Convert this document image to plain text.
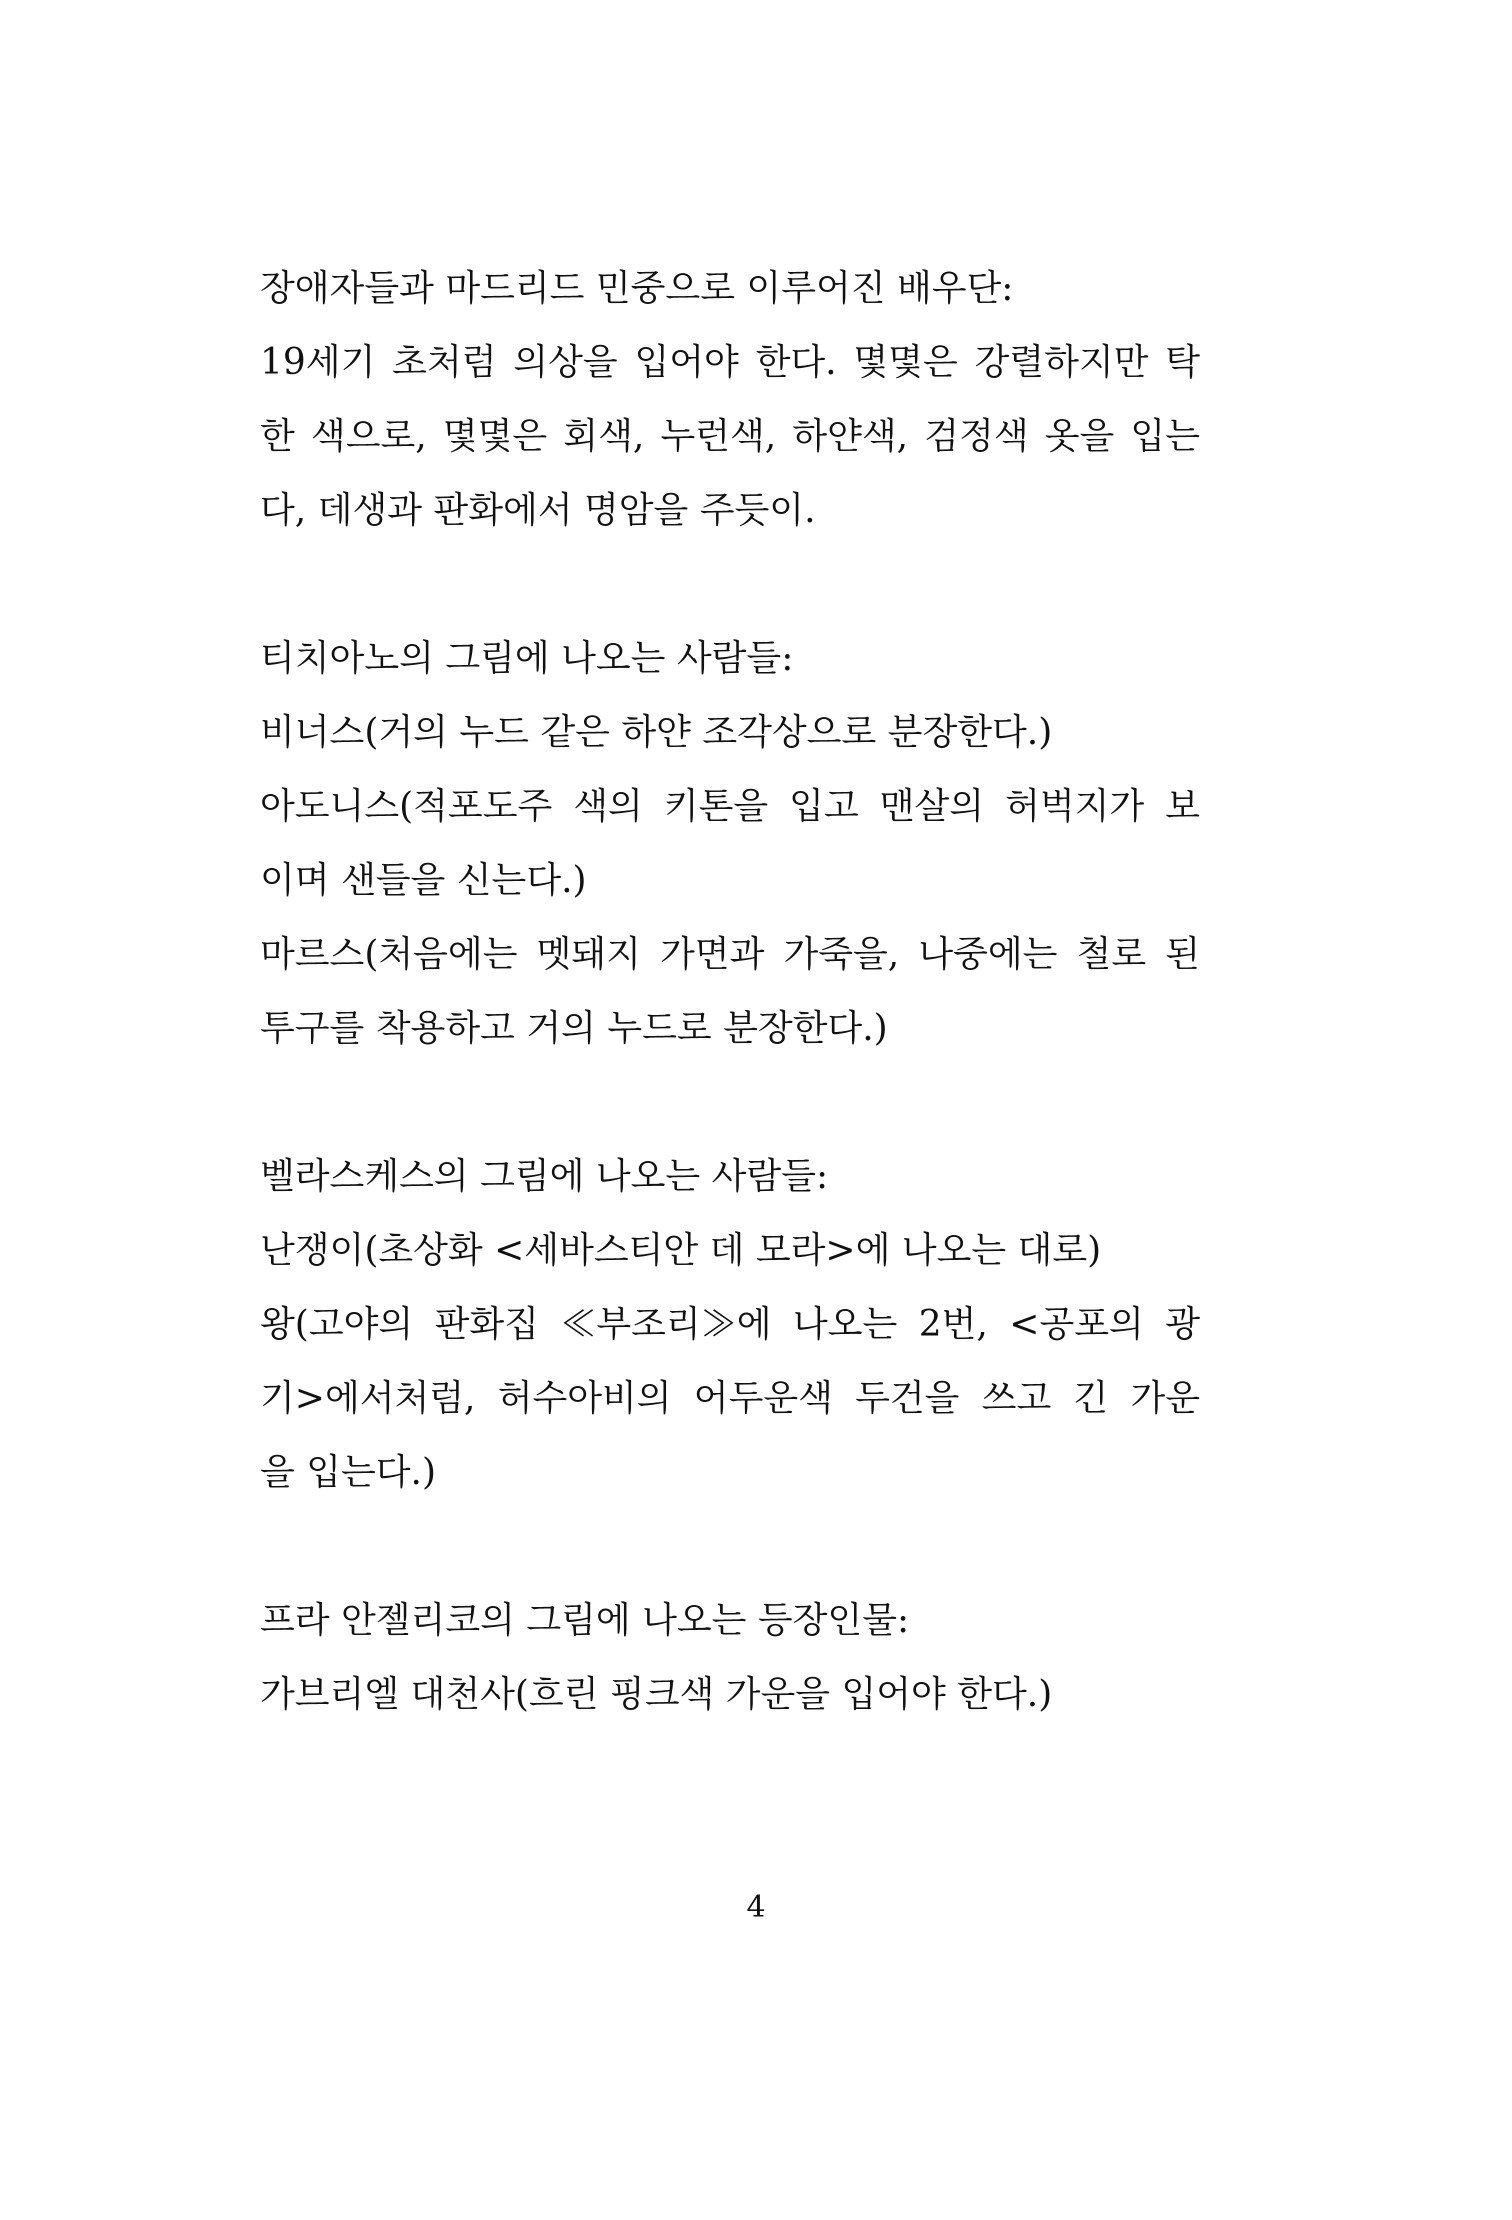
장애자들과 마드리드 민중으로 이루어진 배우단:
19세기 초처럼 의상을 입어야 한다. 몇몇은 강렬하지만 탁
한 색으로, 몇몇은 회색, 누런색, 하얀색, 검정색 옷을 입는
다, 데생과 판화에서 명암을 주듯이.
티치아노의 그림에 나오는 사람들:
비너스(거의 누드 같은 하얀 조각상으로 분장한다.)
아도니스(적포도주 색의 키톤을 입고 맨살의 허벅지가 보
이며 샌들을 신는다.)
마르스(처음에는 멧돼지 가면과 가죽을, 나중에는 철로 된
투구를 착용하고 거의 누드로 분장한다.)
벨라스케스의 그림에 나오는 사람들:
난쟁이(초상화 <세바스티안 데 모라>에 나오는 대로)
왕(고야의 판화집 ≪부조리≫에 나오는 2번, <공포의 광
기>에서처럼, 허수아비의 어두운색 두건을 쓰고 긴 가운
을 입는다.)
프라 안젤리코의 그림에 나오는 등장인물:
가브리엘 대천사(흐린 핑크색 가운을 입어야 한다.)
4
